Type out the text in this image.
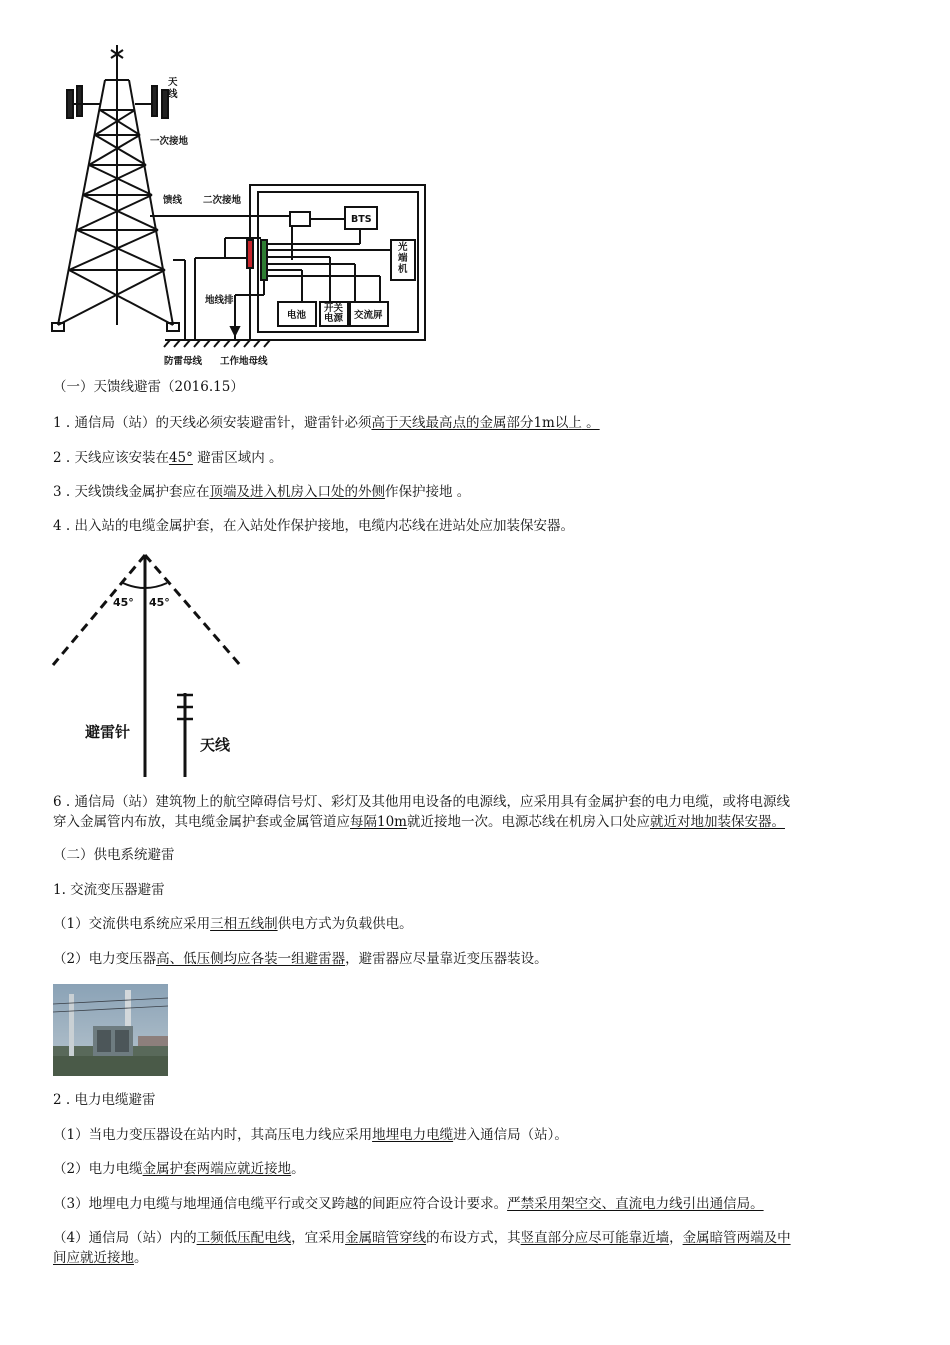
天线
一次接地
馈线 二次接地
BTS
光端机
地线排
电池
开关电源 交流屏
防雷母线 工作地母线
（一）天馈线避雷（2016.15）
1 . 通信局（站）的天线必须安装避雷针，避雷针必须高于天线最高点的金属部分1m以上 。
2 . 天线应该安装在45° 避雷区域内 。
3 . 天线馈线金属护套应在顶端及进入机房入口处的外侧作保护接地 。
4 . 出入站的电缆金属护套，在入站处作保护接地，电缆内芯线在进站处应加装保安器。
45° 45°
避雷针
天线
6 . 通信局（站）建筑物上的航空障碍信号灯、彩灯及其他用电设备的电源线，应采用具有金属护套的电力电缆，或将电源线
穿入金属管内布放，其电缆金属护套或金属管道应每隔10m就近接地一次。电源芯线在机房入口处应就近对地加装保安器。
（二）供电系统避雷
1. 交流变压器避雷
（1）交流供电系统应采用三相五线制供电方式为负载供电。
（2）电力变压器高、低压侧均应各装一组避雷器，避雷器应尽量靠近变压器装设。
2 . 电力电缆避雷
（1）当电力变压器设在站内时，其高压电力线应采用地埋电力电缆进入通信局（站）。
（2）电力电缆金属护套两端应就近接地。
（3）地埋电力电缆与地埋通信电缆平行或交叉跨越的间距应符合设计要求。严禁采用架空交、直流电力线引出通信局。
（4）通信局（站）内的工频低压配电线，宜采用金属暗管穿线的布设方式，其竖直部分应尽可能靠近墙，金属暗管两端及中
间应就近接地。
